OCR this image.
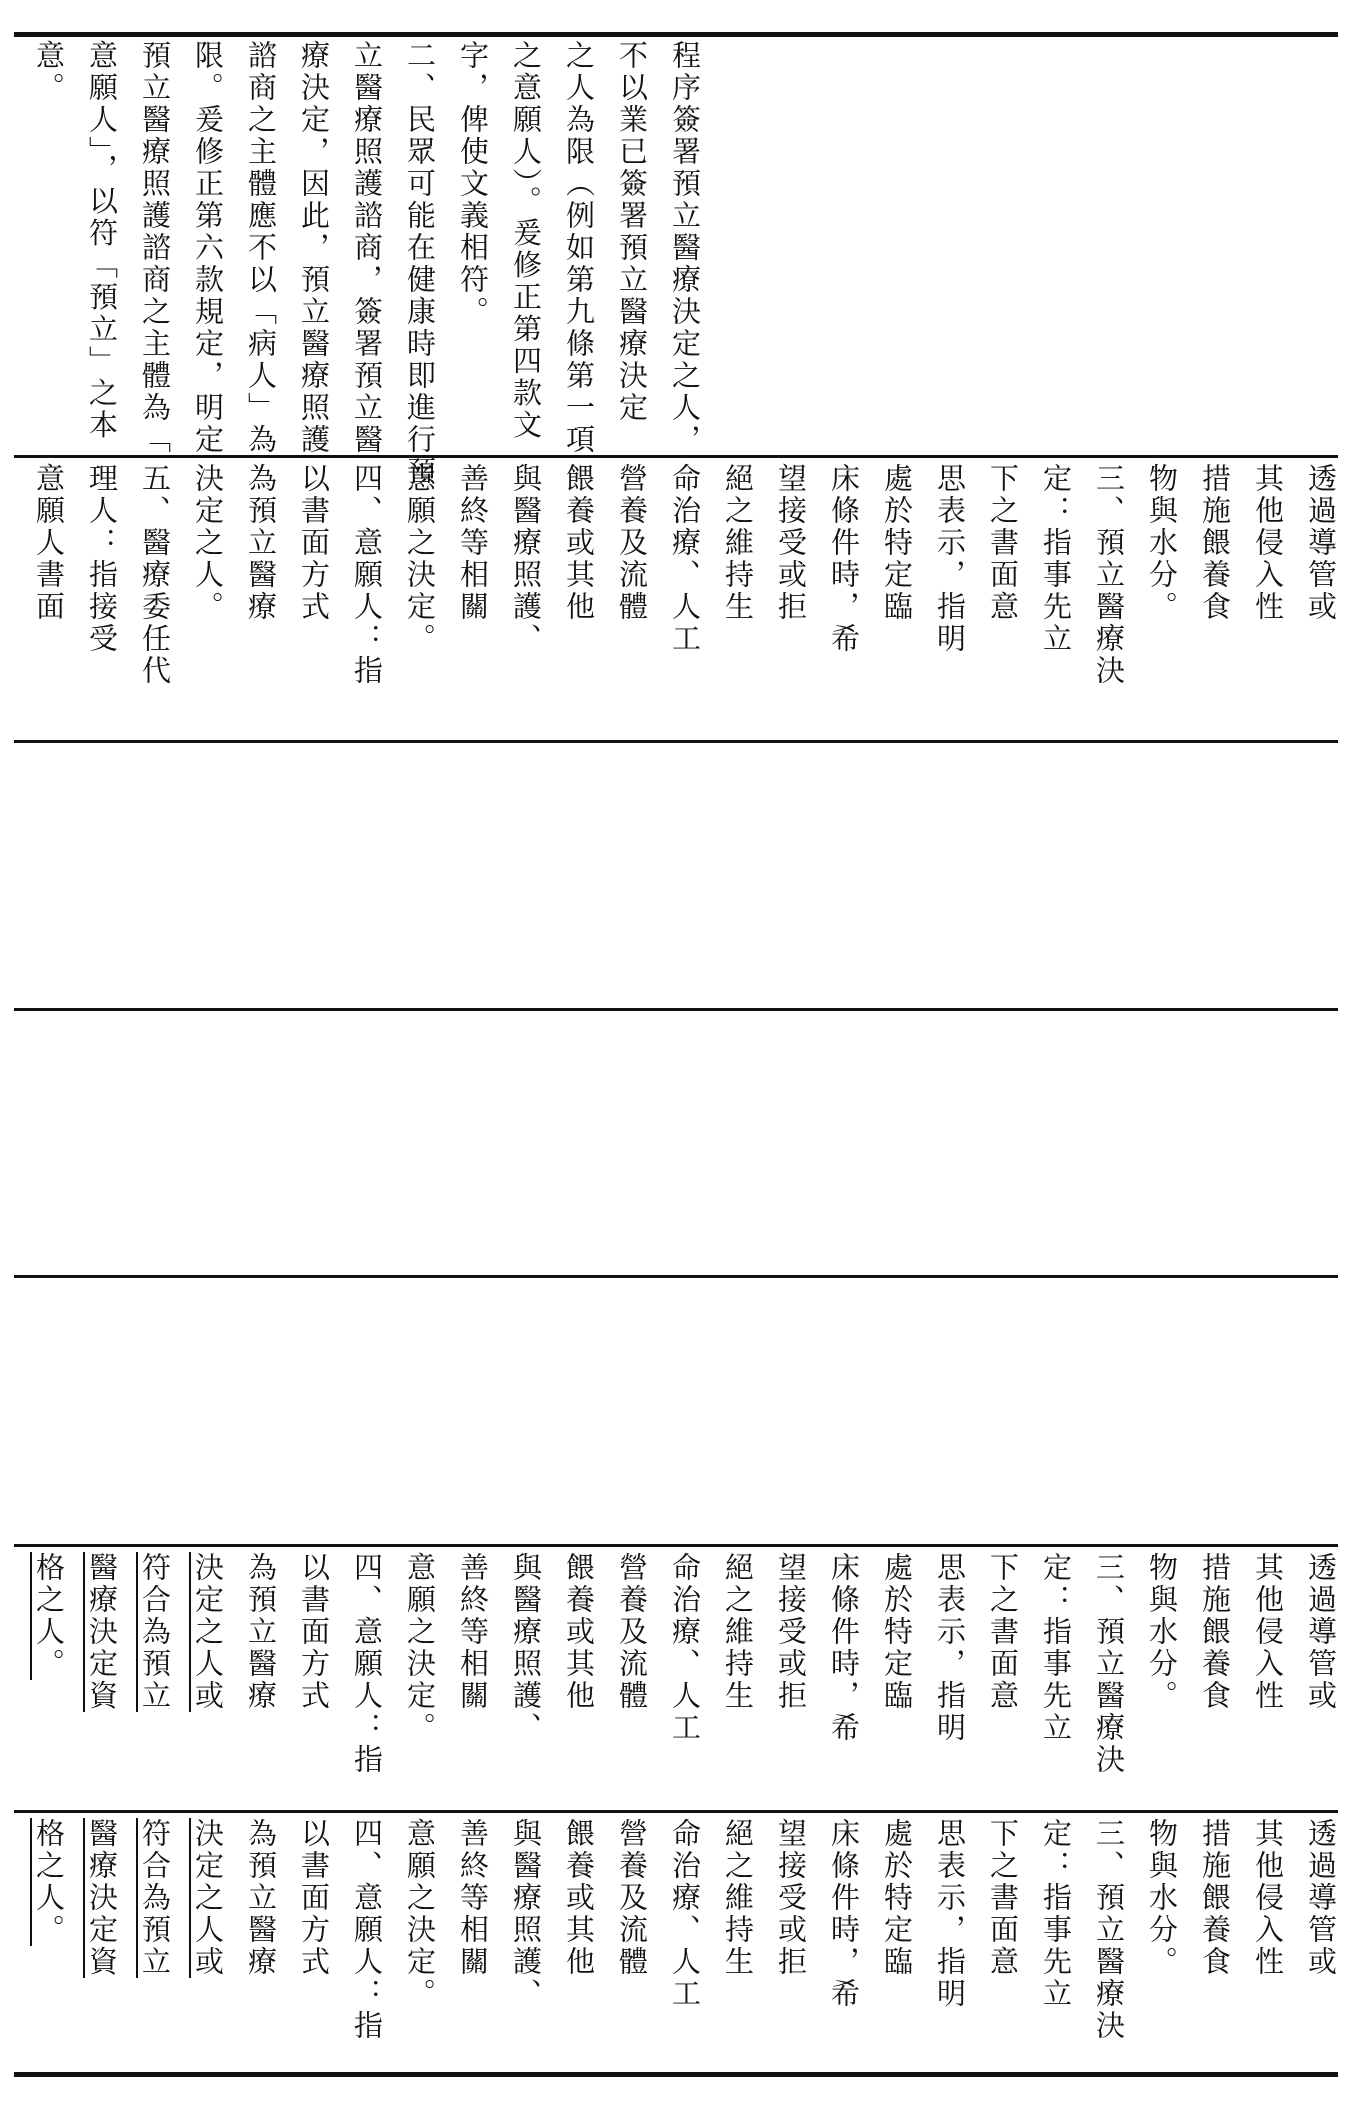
程序簽署預立醫療決定之人，
不以業已簽署預立醫療決定
之人為限（例如第九條第一項
之意願人）。爰修正第四款文
字，俾使文義相符。
二、民眾可能在健康時即進行預
立醫療照護諮商，簽署預立醫
療決定，因此，預立醫療照護
諮商之主體應不以「病人」為
限。爰修正第六款規定，明定
預立醫療照護諮商之主體為「
意願人」，以符「預立」之本
意。
透過導管或
其他侵入性
措施餵養食
物與水分。
三、預立醫療決
定：指事先立
下之書面意
思表示，指明
處於特定臨
床條件時，希
望接受或拒
絕之維持生
命治療、人工
營養及流體
餵養或其他
與醫療照護、
善終等相關
意願之決定。
四、意願人：指
以書面方式
為預立醫療
決定之人。
五、醫療委任代
理人：指接受
意願人書面
透過導管或
其他侵入性
措施餵養食
物與水分。
三、預立醫療決
定：指事先立
下之書面意
思表示，指明
處於特定臨
床條件時，希
望接受或拒
絕之維持生
命治療、人工
營養及流體
餵養或其他
與醫療照護、
善終等相關
意願之決定。
四、意願人：指
以書面方式
為預立醫療
決定之人或
符合為預立
醫療決定資
格之人。
透過導管或
其他侵入性
措施餵養食
物與水分。
三、預立醫療決
定：指事先立
下之書面意
思表示，指明
處於特定臨
床條件時，希
望接受或拒
絕之維持生
命治療、人工
營養及流體
餵養或其他
與醫療照護、
善終等相關
意願之決定。
四、意願人：指
以書面方式
為預立醫療
決定之人或
符合為預立
醫療決定資
格之人。
